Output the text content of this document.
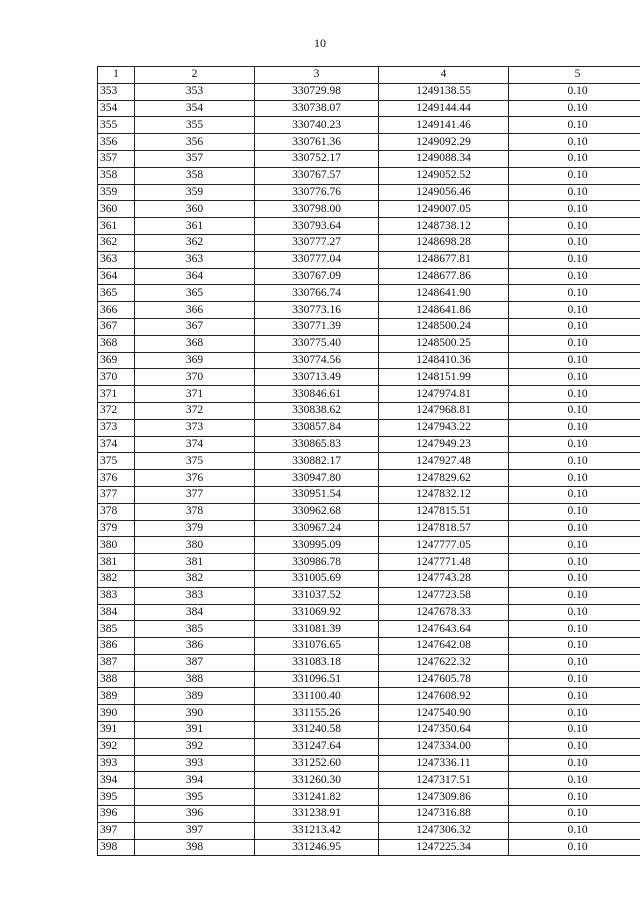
10
1	2	3	4	5
353	353	330729.98	1249138.55	0.10
354	354	330738.07	1249144.44	0.10
355	355	330740.23	1249141.46	0.10
356	356	330761.36	1249092.29	0.10
357	357	330752.17	1249088.34	0.10
358	358	330767.57	1249052.52	0.10
359	359	330776.76	1249056.46	0.10
360	360	330798.00	1249007.05	0.10
361	361	330793.64	1248738.12	0.10
362	362	330777.27	1248698.28	0.10
363	363	330777.04	1248677.81	0.10
364	364	330767.09	1248677.86	0.10
365	365	330766.74	1248641.90	0.10
366	366	330773.16	1248641.86	0.10
367	367	330771.39	1248500.24	0.10
368	368	330775.40	1248500.25	0.10
369	369	330774.56	1248410.36	0.10
370	370	330713.49	1248151.99	0.10
371	371	330846.61	1247974.81	0.10
372	372	330838.62	1247968.81	0.10
373	373	330857.84	1247943.22	0.10
374	374	330865.83	1247949.23	0.10
375	375	330882.17	1247927.48	0.10
376	376	330947.80	1247829.62	0.10
377	377	330951.54	1247832.12	0.10
378	378	330962.68	1247815.51	0.10
379	379	330967.24	1247818.57	0.10
380	380	330995.09	1247777.05	0.10
381	381	330986.78	1247771.48	0.10
382	382	331005.69	1247743.28	0.10
383	383	331037.52	1247723.58	0.10
384	384	331069.92	1247678.33	0.10
385	385	331081.39	1247643.64	0.10
386	386	331076.65	1247642.08	0.10
387	387	331083.18	1247622.32	0.10
388	388	331096.51	1247605.78	0.10
389	389	331100.40	1247608.92	0.10
390	390	331155.26	1247540.90	0.10
391	391	331240.58	1247350.64	0.10
392	392	331247.64	1247334.00	0.10
393	393	331252.60	1247336.11	0.10
394	394	331260.30	1247317.51	0.10
395	395	331241.82	1247309.86	0.10
396	396	331238.91	1247316.88	0.10
397	397	331213.42	1247306.32	0.10
398	398	331246.95	1247225.34	0.10
